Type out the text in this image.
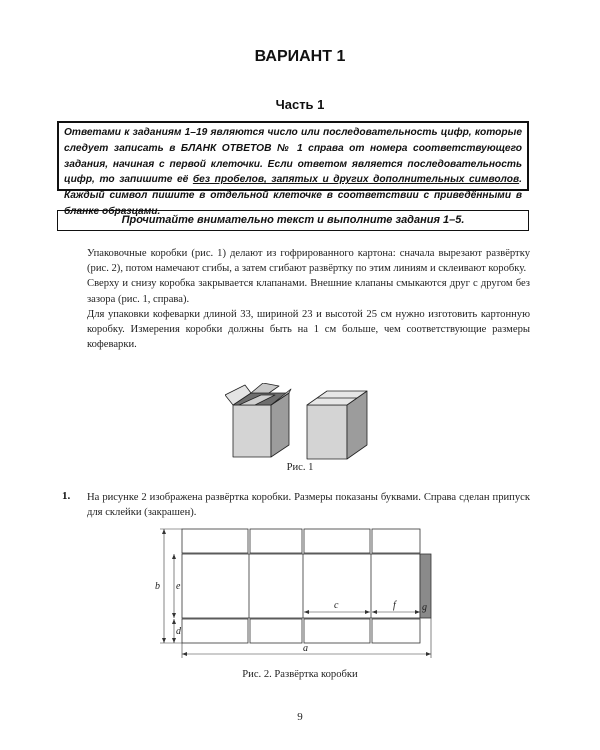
ВАРИАНТ 1
Часть 1

Ответами к заданиям 1–19 являются число или последовательность цифр, которые следует записать в БЛАНК ОТВЕТОВ № 1 справа от номера соответствующего задания, начиная с первой клеточки. Если ответом является последовательность цифр, то запишите её без пробелов, запятых и других дополнительных символов. Каждый символ пишите в отдельной клеточке в соответствии с приведёнными в бланке образцами.

Прочитайте внимательно текст и выполните задания 1–5.

Упаковочные коробки (рис. 1) делают из гофрированного картона: сначала вырезают развёртку (рис. 2), потом намечают сгибы, а затем сгибают развёртку по этим линиям и склеивают коробку.

Сверху и снизу коробка закрывается клапанами. Внешние клапаны смыкаются друг с другом без зазора (рис. 1, справа).

Для упаковки кофеварки длиной 33, шириной 23 и высотой 25 см нужно изготовить картонную коробку. Измерения коробки должны быть на 1 см больше, чем соответствующие размеры кофеварки.

Рис. 1
1. На рисунке 2 изображена развёртка коробки. Размеры показаны буквами. Справа сделан припуск для склейки (закрашен).
b e
d
c	f	g
a
Рис. 2. Развёртка коробки
9
